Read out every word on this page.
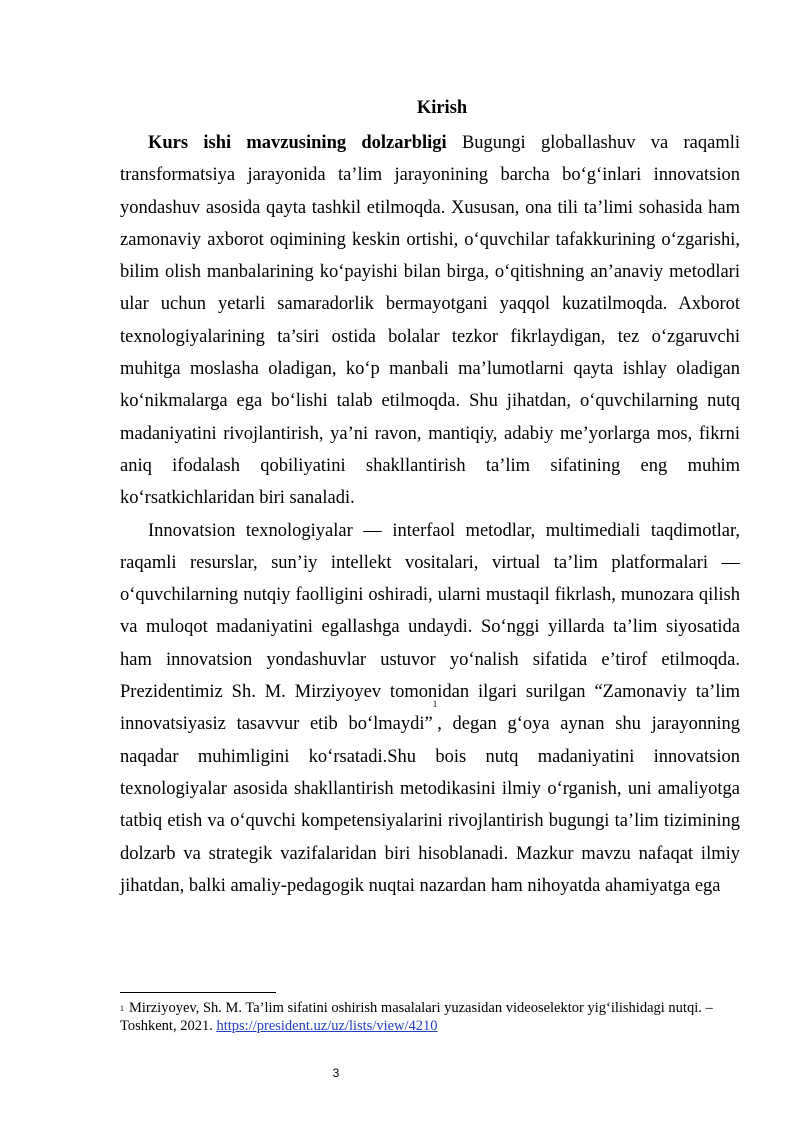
Kirish

Kurs ishi mavzusining dolzarbligi Bugungi globallashuv va raqamli transformatsiya jarayonida ta’lim jarayonining barcha bo‘g‘inlari innovatsion yondashuv asosida qayta tashkil etilmoqda. Xususan, ona tili ta’limi sohasida ham zamonaviy axborot oqimining keskin ortishi, o‘quvchilar tafakkurining o‘zgarishi, bilim olish manbalarining ko‘payishi bilan birga, o‘qitishning an’anaviy metodlari ular uchun yetarli samaradorlik bermayotgani yaqqol kuzatilmoqda. Axborot texnologiyalarining ta’siri ostida bolalar tezkor fikrlaydigan, tez o‘zgaruvchi muhitga moslasha oladigan, ko‘p manbali ma’lumotlarni qayta ishlay oladigan ko‘nikmalarga ega bo‘lishi talab etilmoqda. Shu jihatdan, o‘quvchilarning nutq madaniyatini rivojlantirish, ya’ni ravon, mantiqiy, adabiy me’yorlarga mos, fikrni aniq ifodalash qobiliyatini shakllantirish ta’lim sifatining eng muhim ko‘rsatkichlaridan biri sanaladi.

Innovatsion texnologiyalar — interfaol metodlar, multimediali taqdimotlar, raqamli resurslar, sun’iy intellekt vositalari, virtual ta’lim platformalari — o‘quvchilarning nutqiy faolligini oshiradi, ularni mustaqil fikrlash, munozara qilish va muloqot madaniyatini egallashga undaydi. So‘nggi yillarda ta’lim siyosatida ham innovatsion yondashuvlar ustuvor yo‘nalish sifatida e’tirof etilmoqda. Prezidentimiz Sh. M. Mirziyoyev tomonidan ilgari surilgan “Zamonaviy ta’lim innovatsiyasiz tasavvur etib bo‘lmaydi”$^1$, degan g‘oya aynan shu jarayonning naqadar muhimligini ko‘rsatadi.Shu bois nutq madaniyatini innovatsion texnologiyalar asosida shakllantirish metodikasini ilmiy o‘rganish, uni amaliyotga tatbiq etish va o‘quvchi kompetensiyalarini rivojlantirish bugungi ta’lim tizimining dolzarb va strategik vazifalaridan biri hisoblanadi. Mazkur mavzu nafaqat ilmiy jihatdan, balki amaliy-pedagogik nuqtai nazardan ham nihoyatda ahamiyatga ega

$^1$ Mirziyoyev, Sh. M. Ta’lim sifatini oshirish masalalari yuzasidan videoselektor yig‘ilishidagi nutqi. – Toshkent, 2021. https://president.uz/uz/lists/view/4210
3
